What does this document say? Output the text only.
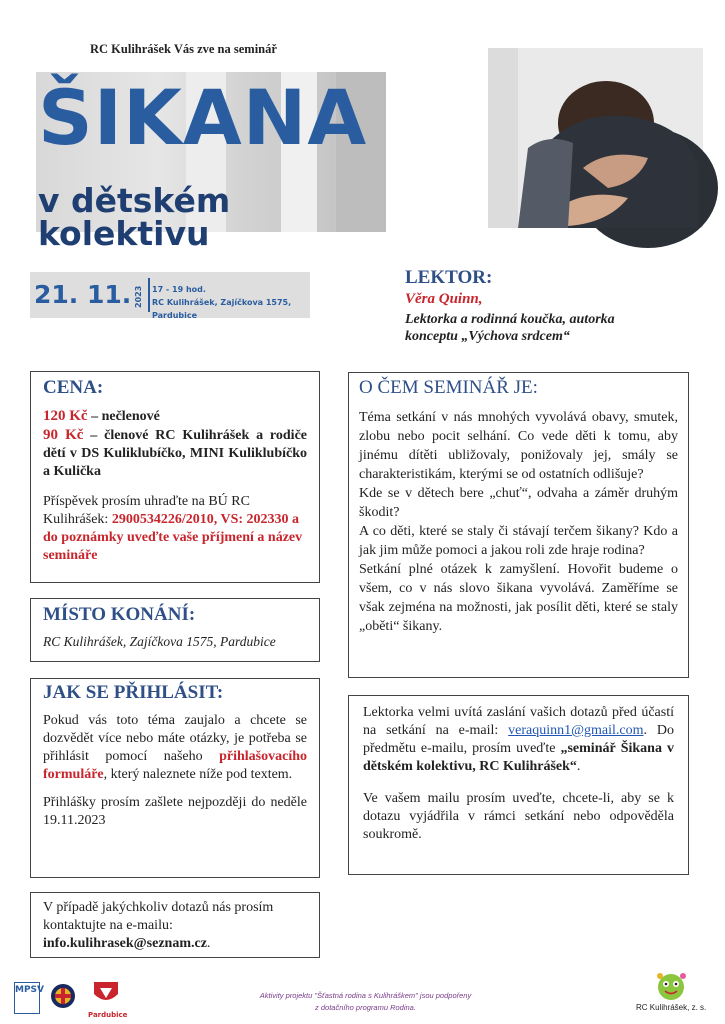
RC Kulihrášek Vás zve na seminář
ŠIKANA
v dětském kolektivu
21. 11. 2023 17 - 19 hod.
RC Kulihrášek, Zajíčkova 1575, Pardubice
LEKTOR:
Věra Quinn,
Lektorka a rodinná koučka, autorka konceptu „Výchova srdcem“
CENA:

120 Kč – nečlenové

90 Kč – členové RC Kulihrášek a rodiče dětí v DS Kuliklubíčko, MINI Kuliklubíčko a Kulička

Příspěvek prosím uhraďte na BÚ RC Kulihrášek: 2900534226/2010, VS: 202330 a do poznámky uveďte vaše příjmení a název semináře

MÍSTO KONÁNÍ:

RC Kulihrášek, Zajíčkova 1575, Pardubice

JAK SE PŘIHLÁSIT:

Pokud vás toto téma zaujalo a chcete se dozvědět více nebo máte otázky, je potřeba se přihlásit pomocí našeho přihlašovacího formuláře, který naleznete níže pod textem.

Přihlášky prosím zašlete nejpozději do neděle 19.11.2023

V případě jakýchkoliv dotazů nás prosím kontaktujte na e-mailu:
info.kulihrasek@seznam.cz.

O ČEM SEMINÁŘ JE:

Téma setkání v nás mnohých vyvolává obavy, smutek, zlobu nebo pocit selhání. Co vede děti k tomu, aby jinému dítěti ubližovaly, ponižovaly jej, smály se charakteristikám, kterými se od ostatních odlišuje?

Kde se v dětech bere „chuť“, odvaha a záměr druhým škodit?

A co děti, které se staly či stávají terčem šikany? Kdo a jak jim může pomoci a jakou roli zde hraje rodina?

Setkání plné otázek k zamyšlení. Hovořit budeme o všem, co v nás slovo šikana vyvolává. Zaměříme se však zejména na možnosti, jak posílit děti, které se staly „oběti“ šikany.

Lektorka velmi uvítá zaslání vašich dotazů před účastí na setkání na e-mail: veraquinn1@gmail.com. Do předmětu e-mailu, prosím uveďte „seminář Šikana v dětském kolektivu, RC Kulihrášek“.

Ve vašem mailu prosím uveďte, chcete-li, aby se k dotazu vyjádřila v rámci setkání nebo odpověděla soukromě.

MPSV
Pardubice
Aktivity projektu "Šťastná rodina s Kulihráškem" jsou podpořeny
z dotačního programu Rodina.	RC Kulihrášek, z. s.
